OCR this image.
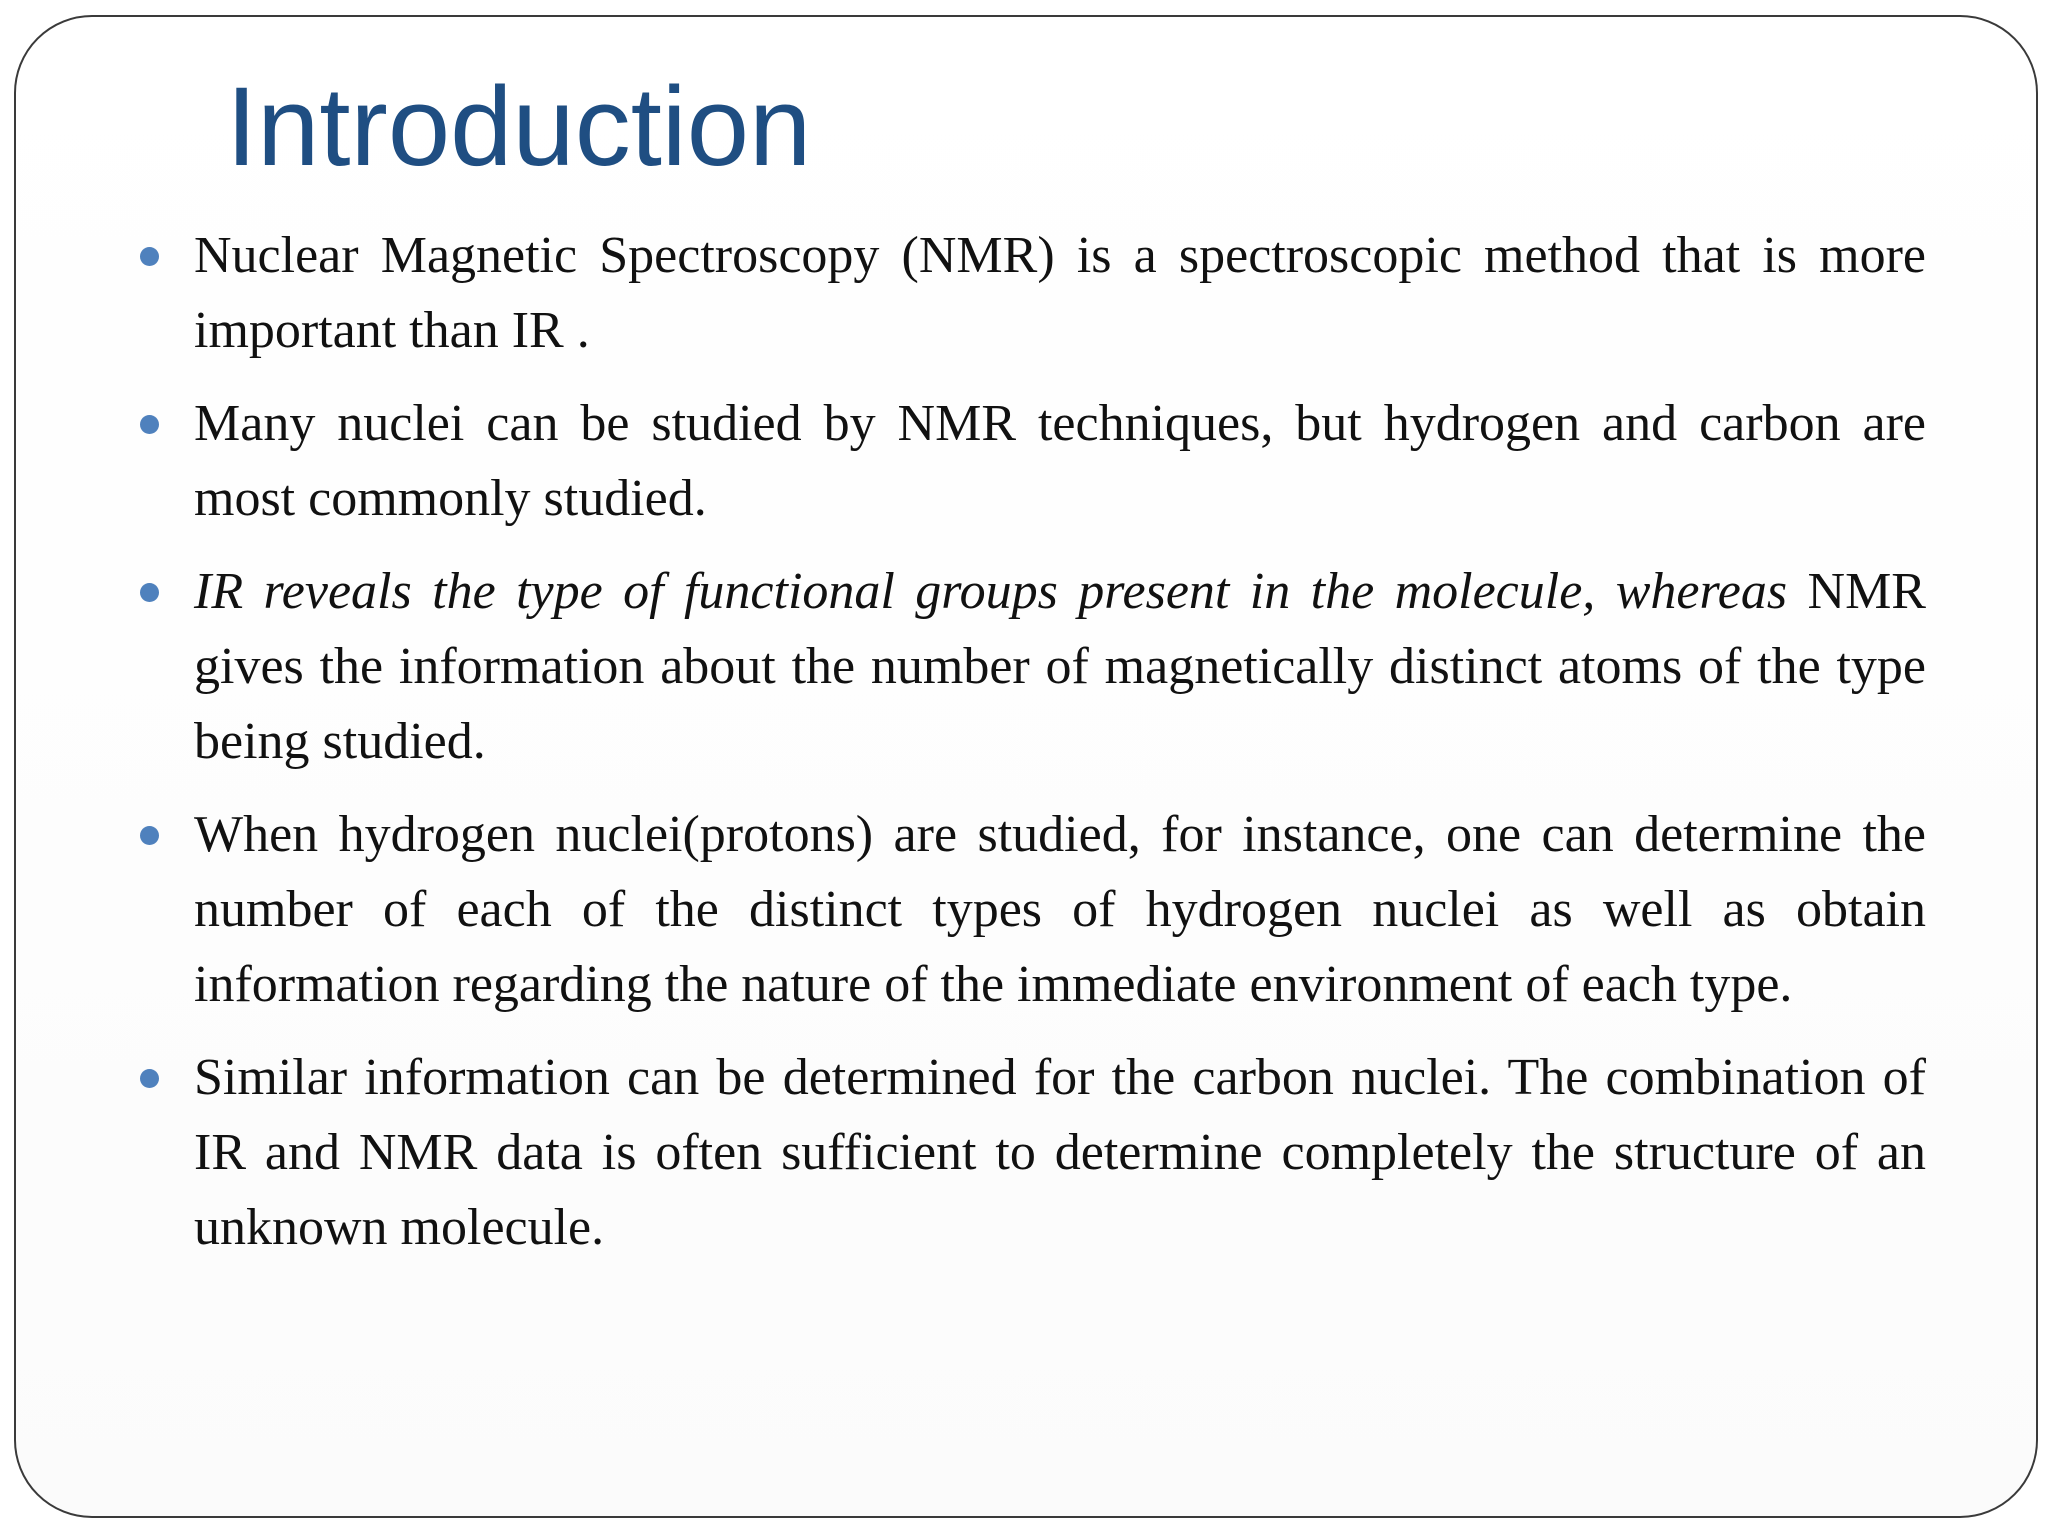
Introduction
Nuclear Magnetic Spectroscopy (NMR) is a spectroscopic method that is more important than IR .
Many nuclei can be studied by NMR techniques, but hydrogen and carbon are most commonly studied.
IR reveals the type of functional groups present in the molecule, whereas NMR gives the information about the number of magnetically distinct atoms of the type being studied.
When hydrogen nuclei(protons) are studied, for instance, one can determine the number of each of the distinct types of hydrogen nuclei as well as obtain information regarding the nature of the immediate environment of each type.
Similar information can be determined for the carbon nuclei. The combination of IR and NMR data is often sufficient to determine completely the structure of an unknown molecule.
